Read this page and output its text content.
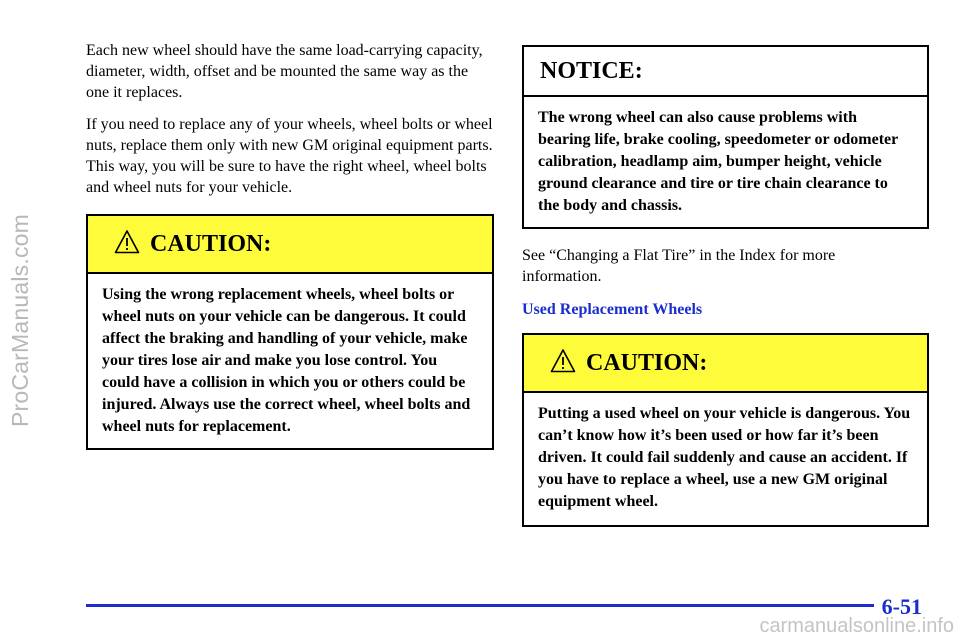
ProCarManuals.com

Each new wheel should have the same load‑carrying capacity, diameter, width, offset and be mounted the same way as the one it replaces.

If you need to replace any of your wheels, wheel bolts or wheel nuts, replace them only with new GM original equipment parts. This way, you will be sure to have the right wheel, wheel bolts and wheel nuts for your vehicle.

CAUTION:
Using the wrong replacement wheels, wheel bolts or wheel nuts on your vehicle can be dangerous. It could affect the braking and handling of your vehicle, make your tires lose air and make you lose control. You could have a collision in which you or others could be injured. Always use the correct wheel, wheel bolts and wheel nuts for replacement.
NOTICE:
The wrong wheel can also cause problems with bearing life, brake cooling, speedometer or odometer calibration, headlamp aim, bumper height, vehicle ground clearance and tire or tire chain clearance to the body and chassis.

See “Changing a Flat Tire” in the Index for more information.

Used Replacement Wheels
CAUTION:
Putting a used wheel on your vehicle is dangerous. You can’t know how it’s been used or how far it’s been driven. It could fail suddenly and cause an accident. If you have to replace a wheel, use a new GM original equipment wheel.
6-51
carmanualsonline.info
